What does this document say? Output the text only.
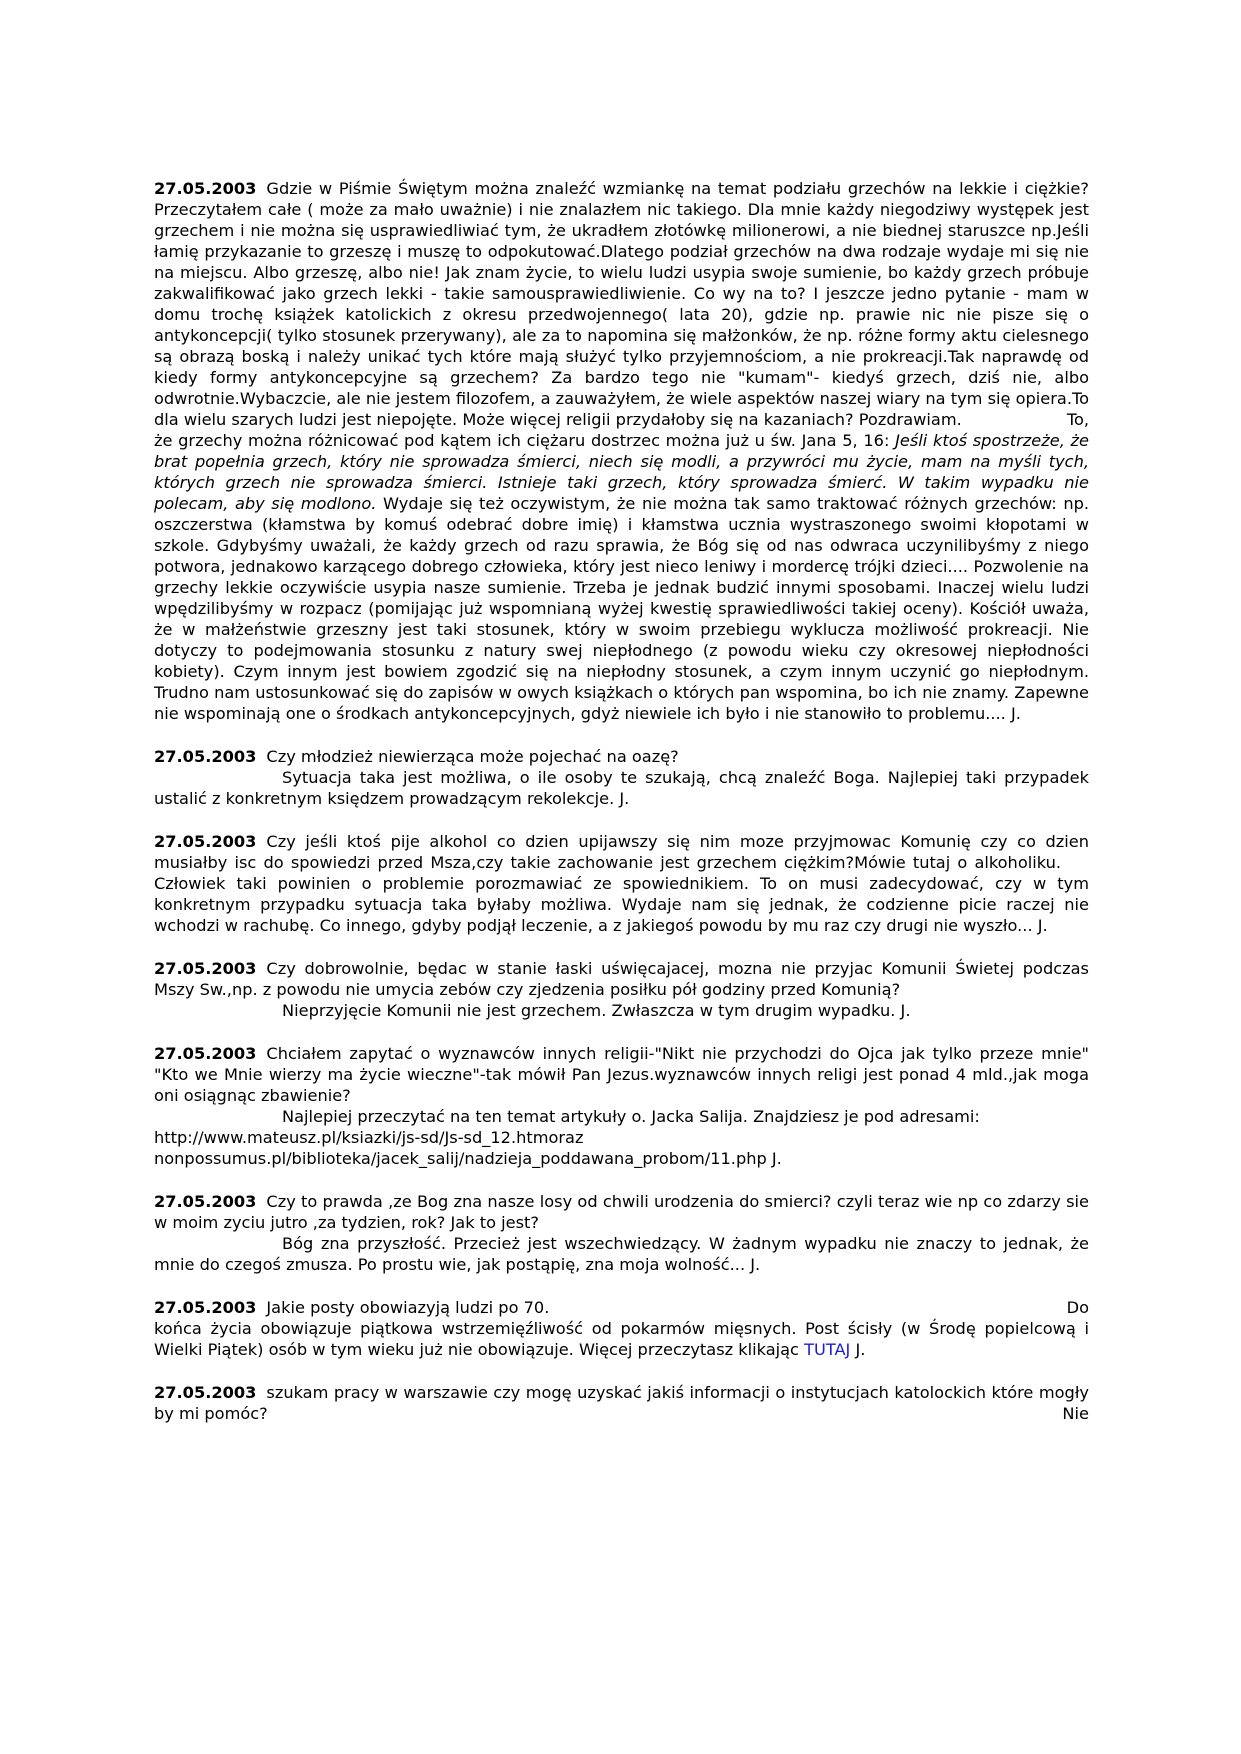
27.05.2003 Gdzie w Piśmie Świętym można znaleźć wzmiankę na temat podziału grzechów na lekkie i ciężkie? Przeczytałem całe ( może za mało uważnie) i nie znalazłem nic takiego. Dla mnie każdy niegodziwy występek jest grzechem i nie można się usprawiedliwiać tym, że ukradłem złotówkę milionerowi, a nie biednej staruszce np.Jeśli łamię przykazanie to grzeszę i muszę to odpokutować.Dlatego podział grzechów na dwa rodzaje wydaje mi się nie na miejscu. Albo grzeszę, albo nie! Jak znam życie, to wielu ludzi usypia swoje sumienie, bo każdy grzech próbuje zakwalifikować jako grzech lekki - takie samousprawiedliwienie. Co wy na to? I jeszcze jedno pytanie - mam w domu trochę książek katolickich z okresu przedwojennego( lata 20), gdzie np. prawie nic nie pisze się o antykoncepcji( tylko stosunek przerywany), ale za to napomina się małżonków, że np. różne formy aktu cielesnego są obrazą boską i należy unikać tych które mają służyć tylko przyjemnościom, a nie prokreacji.Tak naprawdę od kiedy formy antykoncepcyjne są grzechem? Za bardzo tego nie "kumam"- kiedyś grzech, dziś nie, albo odwrotnie.Wybaczcie, ale nie jestem filozofem, a zauważyłem, że wiele aspektów naszej wiary na tym się opiera.To dla wielu szarych ludzi jest niepojęte. Może więcej religii przydałoby się na kazaniach? Pozdrawiam.	To,
że grzechy można różnicować pod kątem ich ciężaru dostrzec można już u św. Jana 5, 16: Jeśli ktoś spostrzeże, że brat popełnia grzech, który nie sprowadza śmierci, niech się modli, a przywróci mu życie, mam na myśli tych, których grzech nie sprowadza śmierci. Istnieje taki grzech, który sprowadza śmierć. W takim wypadku nie polecam, aby się modlono. Wydaje się też oczywistym, że nie można tak samo traktować różnych grzechów: np. oszczerstwa (kłamstwa by komuś odebrać dobre imię) i kłamstwa ucznia wystraszonego swoimi kłopotami w szkole. Gdybyśmy uważali, że każdy grzech od razu sprawia, że Bóg się od nas odwraca uczynilibyśmy z niego potwora, jednakowo karzącego dobrego człowieka, który jest nieco leniwy i mordercę trójki dzieci.... Pozwolenie na grzechy lekkie oczywiście usypia nasze sumienie. Trzeba je jednak budzić innymi sposobami. Inaczej wielu ludzi wpędzilibyśmy w rozpacz (pomijając już wspomnianą wyżej kwestię sprawiedliwości takiej oceny). Kościół uważa, że w małżeństwie grzeszny jest taki stosunek, który w swoim przebiegu wyklucza możliwość prokreacji. Nie dotyczy to podejmowania stosunku z natury swej niepłodnego (z powodu wieku czy okresowej niepłodności kobiety). Czym innym jest bowiem zgodzić się na niepłodny stosunek, a czym innym uczynić go niepłodnym. Trudno nam ustosunkować się do zapisów w owych książkach o których pan wspomina, bo ich nie znamy. Zapewne nie wspominają one o środkach antykoncepcyjnych, gdyż niewiele ich było i nie stanowiło to problemu.... J.
27.05.2003 Czy młodzież niewierząca może pojechać na oazę?
Sytuacja taka jest możliwa, o ile osoby te szukają, chcą znaleźć Boga. Najlepiej taki przypadek ustalić z konkretnym księdzem prowadzącym rekolekcje. J.
27.05.2003 Czy jeśli ktoś pije alkohol co dzien upijawszy się nim moze przyjmowac Komunię czy co dzien musiałby isc do spowiedzi przed Msza,czy takie zachowanie jest grzechem ciężkim?Mówie tutaj o alkoholiku.Człowiek taki powinien o problemie porozmawiać ze spowiednikiem. To on musi zadecydować, czy w tym konkretnym przypadku sytuacja taka byłaby możliwa. Wydaje nam się jednak, że codzienne picie raczej nie wchodzi w rachubę. Co innego, gdyby podjął leczenie, a z jakiegoś powodu by mu raz czy drugi nie wyszło... J.
27.05.2003 Czy dobrowolnie, będac w stanie łaski uświęcajacej, mozna nie przyjac Komunii Świetej podczas Mszy Sw.,np. z powodu nie umycia zebów czy zjedzenia posiłku pół godziny przed Komunią?
Nieprzyjęcie Komunii nie jest grzechem. Zwłaszcza w tym drugim wypadku. J.
27.05.2003 Chciałem zapytać o wyznawców innych religii-"Nikt nie przychodzi do Ojca jak tylko przeze mnie" "Kto we Mnie wierzy ma życie wieczne"-tak mówił Pan Jezus.wyznawców innych religi jest ponad 4 mld.,jak moga oni osiągnąc zbawienie?
Najlepiej przeczytać na ten temat artykuły o. Jacka Salija. Znajdziesz je pod adresami:
http://www.mateusz.pl/ksiazki/js-sd/Js-sd_12.htmoraz
nonpossumus.pl/biblioteka/jacek_salij/nadzieja_poddawana_probom/11.php J.
27.05.2003 Czy to prawda ,ze Bog zna nasze losy od chwili urodzenia do smierci? czyli teraz wie np co zdarzy sie w moim zyciu jutro ,za tydzien, rok? Jak to jest?
Bóg zna przyszłość. Przecież jest wszechwiedzący. W żadnym wypadku nie znaczy to jednak, że mnie do czegoś zmusza. Po prostu wie, jak postąpię, zna moja wolność... J.
27.05.2003 Jakie posty obowiazyją ludzi po 70.	Do
końca życia obowiązuje piątkowa wstrzemięźliwość od pokarmów mięsnych. Post ścisły (w Środę popielcową i Wielki Piątek) osób w tym wieku już nie obowiązuje. Więcej przeczytasz klikając TUTAJ J.
27.05.2003 szukam pracy w warszawie czy mogę uzyskać jakiś informacji o instytucjach katolockich które mogły by mi pomóc?	Nie
